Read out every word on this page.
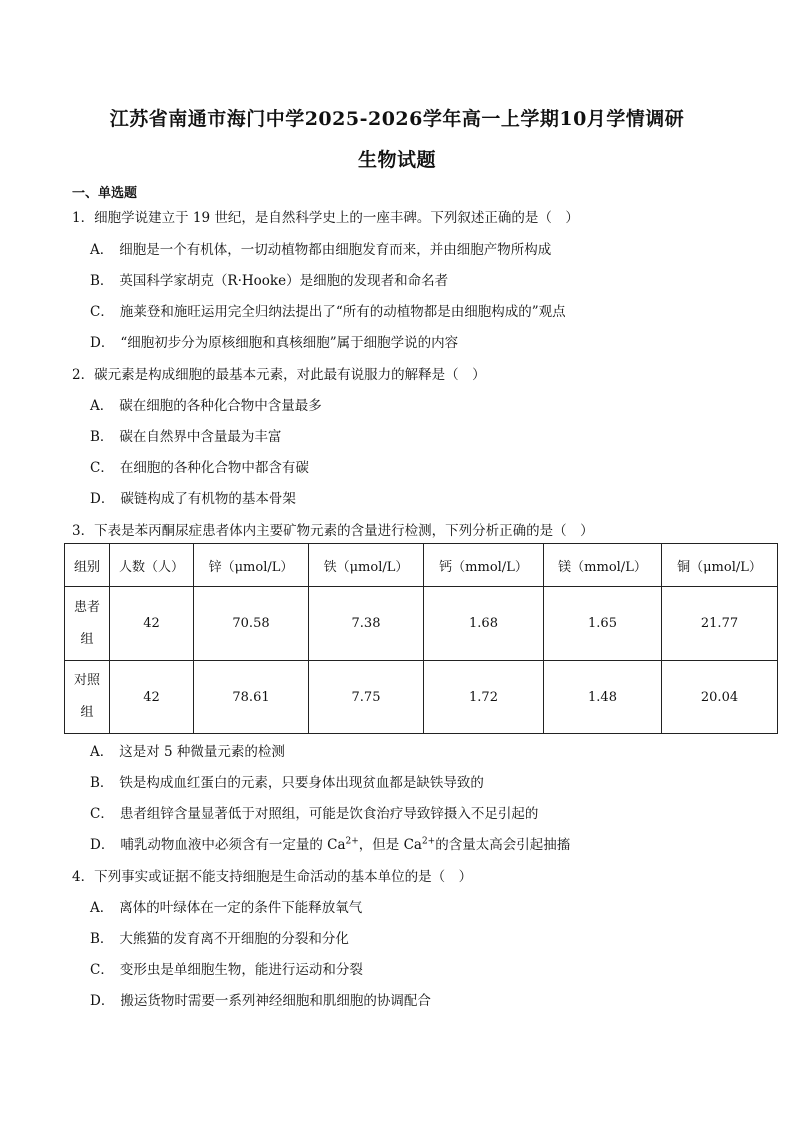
江苏省南通市海门中学2025-2026学年高一上学期10月学情调研
生物试题
一、单选题
1．细胞学说建立于 19 世纪，是自然科学史上的一座丰碑。下列叙述正确的是（　）
A． 细胞是一个有机体，一切动植物都由细胞发育而来，并由细胞产物所构成
B． 英国科学家胡克（R·Hooke）是细胞的发现者和命名者
C． 施莱登和施旺运用完全归纳法提出了“所有的动植物都是由细胞构成的”观点
D． “细胞初步分为原核细胞和真核细胞”属于细胞学说的内容
2．碳元素是构成细胞的最基本元素，对此最有说服力的解释是（　）
A． 碳在细胞的各种化合物中含量最多
B． 碳在自然界中含量最为丰富
C． 在细胞的各种化合物中都含有碳
D． 碳链构成了有机物的基本骨架
3．下表是苯丙酮尿症患者体内主要矿物元素的含量进行检测，下列分析正确的是（　）
组别	人数（人）	锌（μmol/L）	铁（μmol/L）	钙（mmol/L）	镁（mmol/L）	铜（μmol/L）

患者
组	42	70.58	7.38	1.68	1.65	21.77

对照
组	42	78.61	7.75	1.72	1.48	20.04
A． 这是对 5 种微量元素的检测
B． 铁是构成血红蛋白的元素，只要身体出现贫血都是缺铁导致的
C． 患者组锌含量显著低于对照组，可能是饮食治疗导致锌摄入不足引起的
D． 哺乳动物血液中必须含有一定量的 $Ca^{2+}$，但是 $Ca^{2+}$的含量太高会引起抽搐
4．下列事实或证据不能支持细胞是生命活动的基本单位的是（　）
A． 离体的叶绿体在一定的条件下能释放氧气
B． 大熊猫的发育离不开细胞的分裂和分化
C． 变形虫是单细胞生物，能进行运动和分裂
D． 搬运货物时需要一系列神经细胞和肌细胞的协调配合
